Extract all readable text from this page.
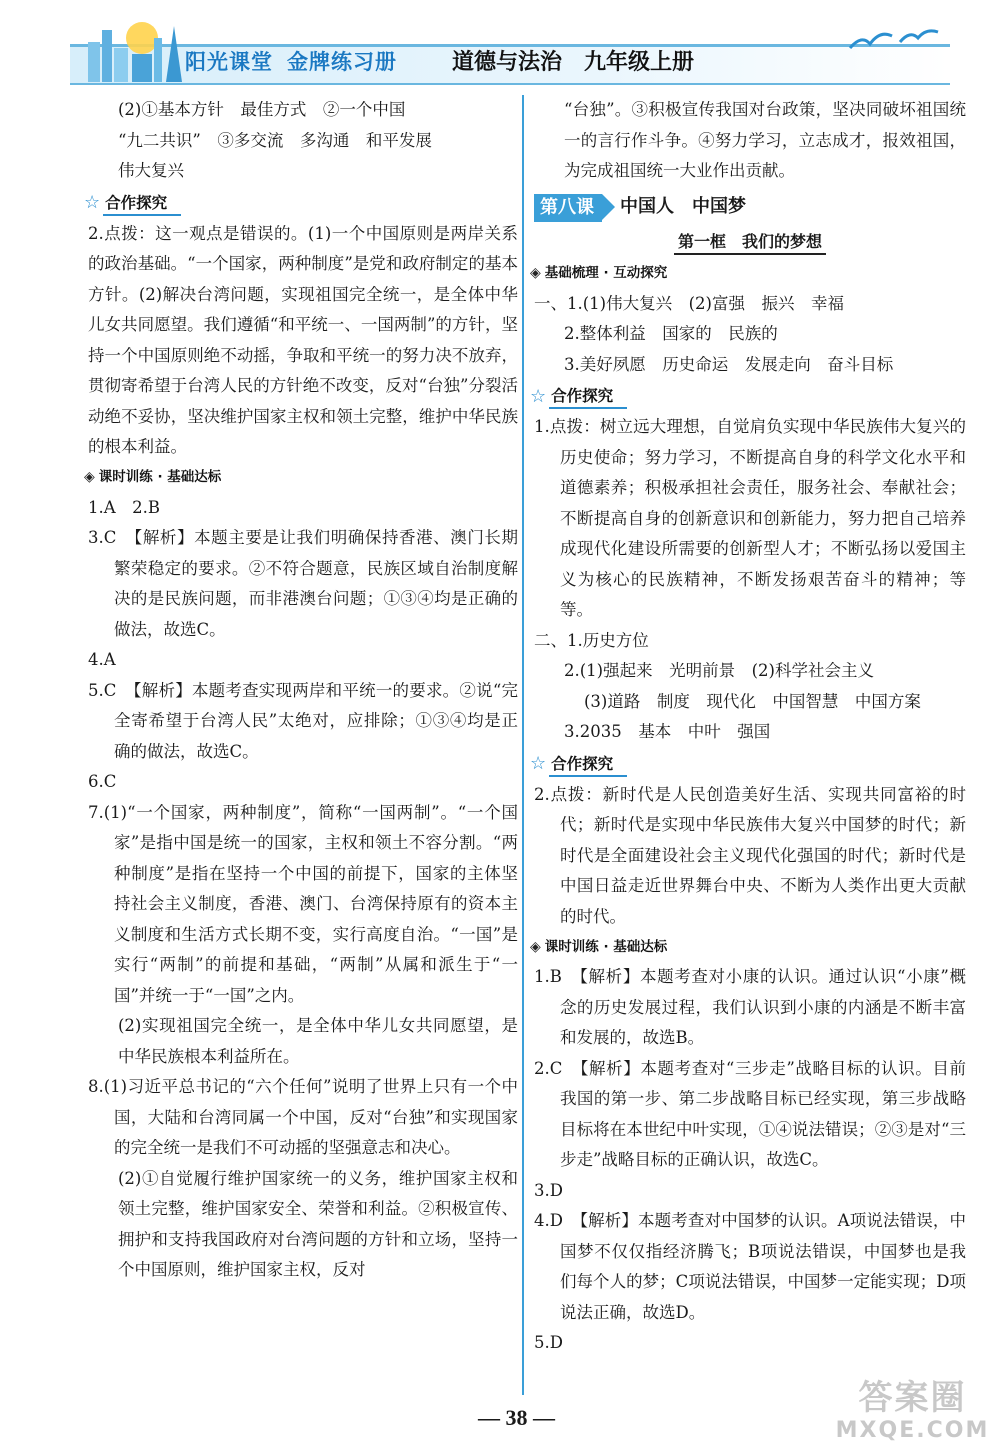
阳光课堂 金牌练习册	道德与法治 九年级上册

(2)①基本方针　最佳方式　②一个中国

“九二共识”　③多交流　多沟通　和平发展

伟大复兴

☆ 合作探究

2.点拨：这一观点是错误的。(1)一个中国原则是两岸关系的政治基础。“一个国家，两种制度”是党和政府制定的基本方针。(2)解决台湾问题，实现祖国完全统一，是全体中华儿女共同愿望。我们遵循“和平统一、一国两制”的方针，坚持一个中国原则绝不动摇，争取和平统一的努力决不放弃，贯彻寄希望于台湾人民的方针绝不改变，反对“台独”分裂活动绝不妥协，坚决维护国家主权和领土完整，维护中华民族的根本利益。

◈ 课时训练 · 基础达标

1.A　2.B

3.C　【解析】本题主要是让我们明确保持香港、澳门长期繁荣稳定的要求。②不符合题意，民族区域自治制度解决的是民族问题，而非港澳台问题；①③④均是正确的做法，故选C。

4.A

5.C　【解析】本题考查实现两岸和平统一的要求。②说“完全寄希望于台湾人民”太绝对，应排除；①③④均是正确的做法，故选C。

6.C

7.(1)“一个国家，两种制度”，简称“一国两制”。“一个国家”是指中国是统一的国家，主权和领土不容分割。“两种制度”是指在坚持一个中国的前提下，国家的主体坚持社会主义制度，香港、澳门、台湾保持原有的资本主义制度和生活方式长期不变，实行高度自治。“一国”是实行“两制”的前提和基础，“两制”从属和派生于“一国”并统一于“一国”之内。

(2)实现祖国完全统一，是全体中华儿女共同愿望，是中华民族根本利益所在。

8.(1)习近平总书记的“六个任何”说明了世界上只有一个中国，大陆和台湾同属一个中国，反对“台独”和实现国家的完全统一是我们不可动摇的坚强意志和决心。

(2)①自觉履行维护国家统一的义务，维护国家主权和领土完整，维护国家安全、荣誉和利益。②积极宣传、拥护和支持我国政府对台湾问题的方针和立场，坚持一个中国原则，维护国家主权，反对

“台独”。③积极宣传我国对台政策，坚决同破坏祖国统一的言行作斗争。④努力学习，立志成才，报效祖国，为完成祖国统一大业作出贡献。

第八课	中国人 中国梦
第一框　我们的梦想
◈ 基础梳理 · 互动探究

一、1.(1)伟大复兴　(2)富强　振兴　幸福

2.整体利益　国家的　民族的

3.美好夙愿　历史命运　发展走向　奋斗目标

☆ 合作探究

1.点拨：树立远大理想，自觉肩负实现中华民族伟大复兴的历史使命；努力学习，不断提高自身的科学文化水平和道德素养；积极承担社会责任，服务社会、奉献社会；不断提高自身的创新意识和创新能力，努力把自己培养成现代化建设所需要的创新型人才；不断弘扬以爱国主义为核心的民族精神，不断发扬艰苦奋斗的精神；等等。

二、1.历史方位

2.(1)强起来　光明前景　(2)科学社会主义

(3)道路　制度　现代化　中国智慧　中国方案

3.2035　基本　中叶　强国

☆ 合作探究

2.点拨：新时代是人民创造美好生活、实现共同富裕的时代；新时代是实现中华民族伟大复兴中国梦的时代；新时代是全面建设社会主义现代化强国的时代；新时代是中国日益走近世界舞台中央、不断为人类作出更大贡献的时代。

◈ 课时训练 · 基础达标

1.B　【解析】本题考查对小康的认识。通过认识“小康”概念的历史发展过程，我们认识到小康的内涵是不断丰富和发展的，故选B。

2.C　【解析】本题考查对“三步走”战略目标的认识。目前我国的第一步、第二步战略目标已经实现，第三步战略目标将在本世纪中叶实现，①④说法错误；②③是对“三步走”战略目标的正确认识，故选C。

3.D

4.D　【解析】本题考查对中国梦的认识。A项说法错误，中国梦不仅仅指经济腾飞；B项说法错误，中国梦也是我们每个人的梦；C项说法错误，中国梦一定能实现；D项说法正确，故选D。

5.D

— 38 —	答案圈
MXQE.COM
